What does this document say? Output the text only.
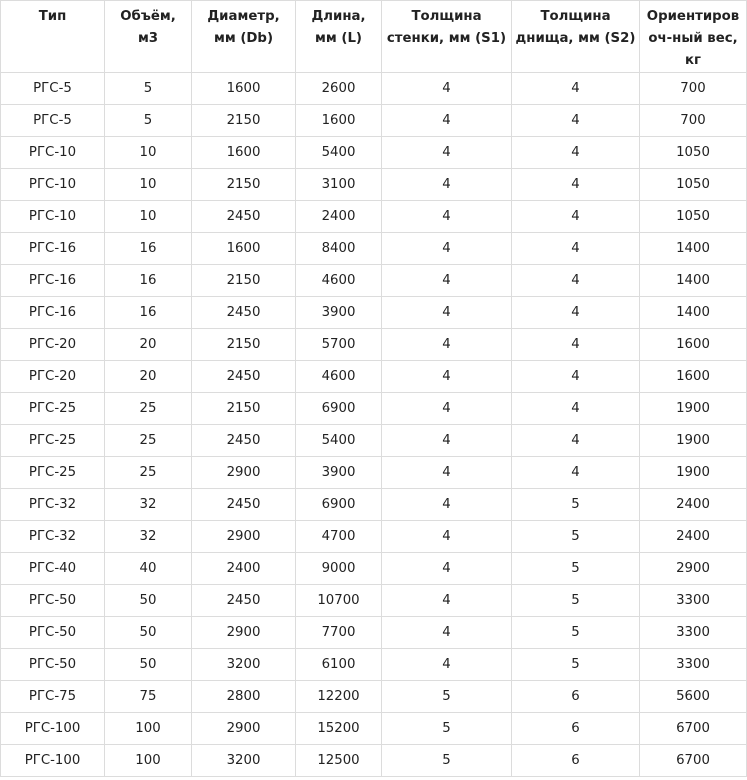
Тип	Объём, м3	Диаметр, мм (Db)	Длина, мм (L)	Толщина стенки, мм (S1)	Толщина днища, мм (S2)	Ориентиров оч-ный вес, кг
РГС-5	5	1600	2600	4	4	700
РГС-5	5	2150	1600	4	4	700
РГС-10	10	1600	5400	4	4	1050
РГС-10	10	2150	3100	4	4	1050
РГС-10	10	2450	2400	4	4	1050
РГС-16	16	1600	8400	4	4	1400
РГС-16	16	2150	4600	4	4	1400
РГС-16	16	2450	3900	4	4	1400
РГС-20	20	2150	5700	4	4	1600
РГС-20	20	2450	4600	4	4	1600
РГС-25	25	2150	6900	4	4	1900
РГС-25	25	2450	5400	4	4	1900
РГС-25	25	2900	3900	4	4	1900
РГС-32	32	2450	6900	4	5	2400
РГС-32	32	2900	4700	4	5	2400
РГС-40	40	2400	9000	4	5	2900
РГС-50	50	2450	10700	4	5	3300
РГС-50	50	2900	7700	4	5	3300
РГС-50	50	3200	6100	4	5	3300
РГС-75	75	2800	12200	5	6	5600
РГС-100	100	2900	15200	5	6	6700
РГС-100	100	3200	12500	5	6	6700
